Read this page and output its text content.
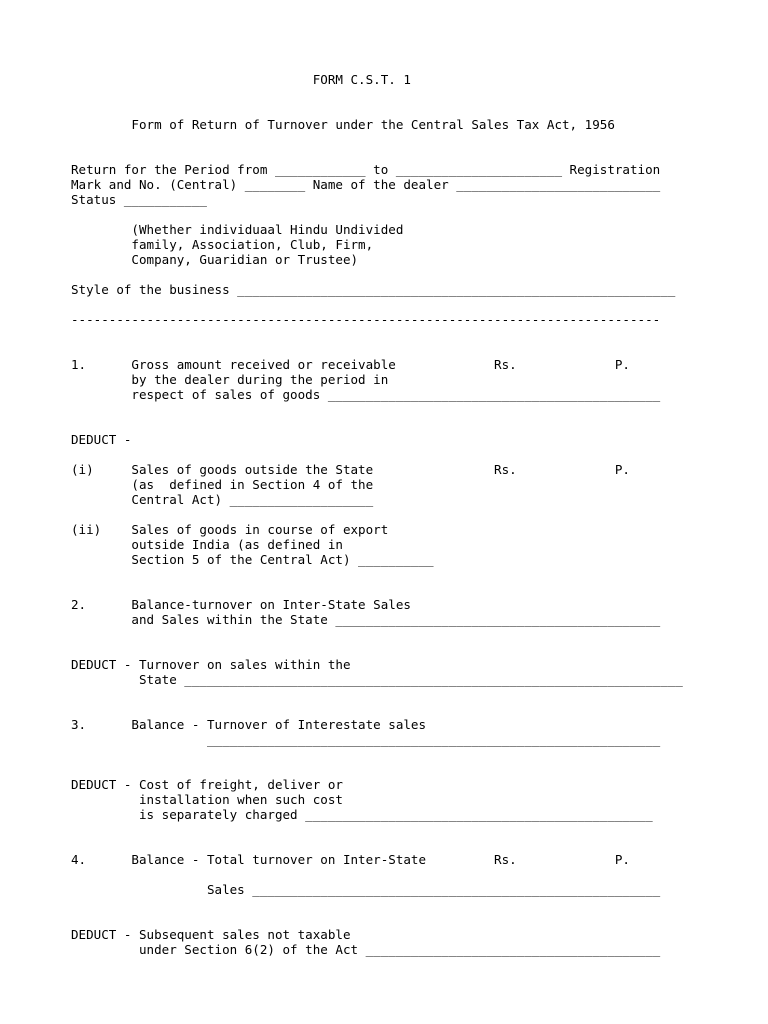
FORM C.S.T. 1
Form of Return of Turnover under the Central Sales Tax Act, 1956
Return for the Period from ____________ to ______________________ Registration
Mark and No. (Central) ________ Name of the dealer ___________________________
Status ___________
(Whether individuaal Hindu Undivided
family, Association, Club, Firm,
Company, Guaridian or Trustee)
Style of the business __________________________________________________________
------------------------------------------------------------------------------
1.      Gross amount received or receivable             Rs.             P.
by the dealer during the period in
respect of sales of goods ____________________________________________
DEDUCT -
(i)     Sales of goods outside the State                Rs.             P.
(as  defined in Section 4 of the
Central Act) ___________________
(ii)    Sales of goods in course of export
outside India (as defined in
Section 5 of the Central Act) __________
2.      Balance-turnover on Inter-State Sales
and Sales within the State ___________________________________________
DEDUCT - Turnover on sales within the
State __________________________________________________________________
3.      Balance - Turnover of Interestate sales
____________________________________________________________
DEDUCT - Cost of freight, deliver or
installation when such cost
is separately charged ______________________________________________
4.      Balance - Total turnover on Inter-State         Rs.             P.
Sales ______________________________________________________
DEDUCT - Subsequent sales not taxable
under Section 6(2) of the Act _______________________________________
